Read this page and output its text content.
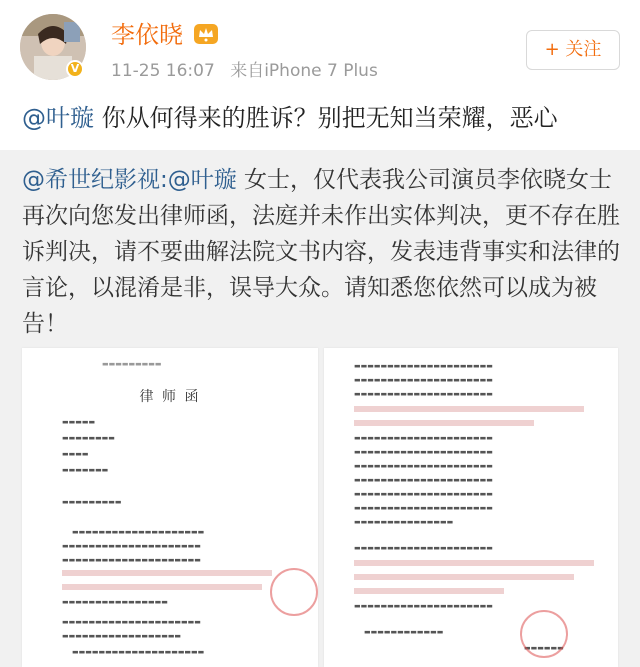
V
李依晓
11-25 16:07 来自iPhone 7 Plus
+ 关注
@叶璇 你从何得来的胜诉？别把无知当荣耀，恶心
@希世纪影视:@叶璇 女士，仅代表我公司演员李依晓女士再次向您发出律师函，法庭并未作出实体判决，更不存在胜诉判决，请不要曲解法院文书内容，发表违背事实和法律的言论，以混淆是非，误导大众。请知悉您依然可以成为被告！
▬▬▬▬▬▬▬▬▬
律 师 函
▬▬▬▬▬
▬▬▬▬▬▬▬▬
▬▬▬▬
▬▬▬▬▬▬▬
▬▬▬▬▬▬▬▬▬
▬▬▬▬▬▬▬▬▬▬▬▬▬▬▬▬▬▬▬▬
▬▬▬▬▬▬▬▬▬▬▬▬▬▬▬▬▬▬▬▬▬
▬▬▬▬▬▬▬▬▬▬▬▬▬▬▬▬▬▬▬▬▬
▬▬▬▬▬▬▬▬▬▬▬▬▬▬▬▬
▬▬▬▬▬▬▬▬▬▬▬▬▬▬▬▬▬▬▬▬▬
▬▬▬▬▬▬▬▬▬▬▬▬▬▬▬▬▬▬
▬▬▬▬▬▬▬▬▬▬▬▬▬▬▬▬▬▬▬▬
▬▬▬▬▬▬▬▬▬▬▬▬▬▬▬▬▬▬▬▬▬
▬▬▬▬▬▬▬▬▬▬▬▬▬▬▬▬▬▬▬▬▬
▬▬▬▬▬▬▬▬▬▬▬▬▬▬▬▬▬▬▬▬▬
▬▬▬▬▬▬▬▬▬▬▬▬▬▬▬▬▬▬▬▬▬
▬▬▬▬▬▬▬▬▬▬▬▬▬▬▬▬▬▬▬▬▬
▬▬▬▬▬▬▬▬▬▬▬▬▬▬▬▬▬▬▬▬▬
▬▬▬▬▬▬▬▬▬▬▬▬▬▬▬▬▬▬▬▬▬
▬▬▬▬▬▬▬▬▬▬▬▬▬▬▬▬▬▬▬▬▬
▬▬▬▬▬▬▬▬▬▬▬▬▬▬▬▬▬▬▬▬▬
▬▬▬▬▬▬▬▬▬▬▬▬▬▬▬
▬▬▬▬▬▬▬▬▬▬▬▬▬▬▬▬▬▬▬▬▬
▬▬▬▬▬▬▬▬▬▬▬▬▬▬▬▬▬▬▬▬▬
▬▬▬▬▬▬▬▬▬▬▬▬
▬▬▬▬▬▬
